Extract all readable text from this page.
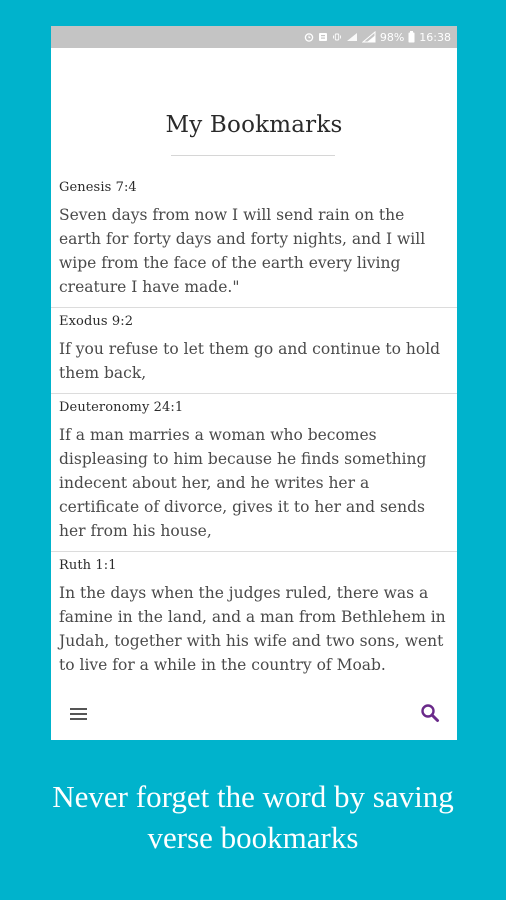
98% 16:38
My Bookmarks
Genesis 7:4

Seven days from now I will send rain on the earth for forty days and forty nights, and I will wipe from the face of the earth every living creature I have made."

Exodus 9:2

If you refuse to let them go and continue to hold them back,

Deuteronomy 24:1

If a man marries a woman who becomes displeasing to him because he finds something indecent about her, and he writes her a certificate of divorce, gives it to her and sends her from his house,

Ruth 1:1

In the days when the judges ruled, there was a famine in the land, and a man from Bethlehem in Judah, together with his wife and two sons, went to live for a while in the country of Moab.

Never forget the word by saving
verse bookmarks
